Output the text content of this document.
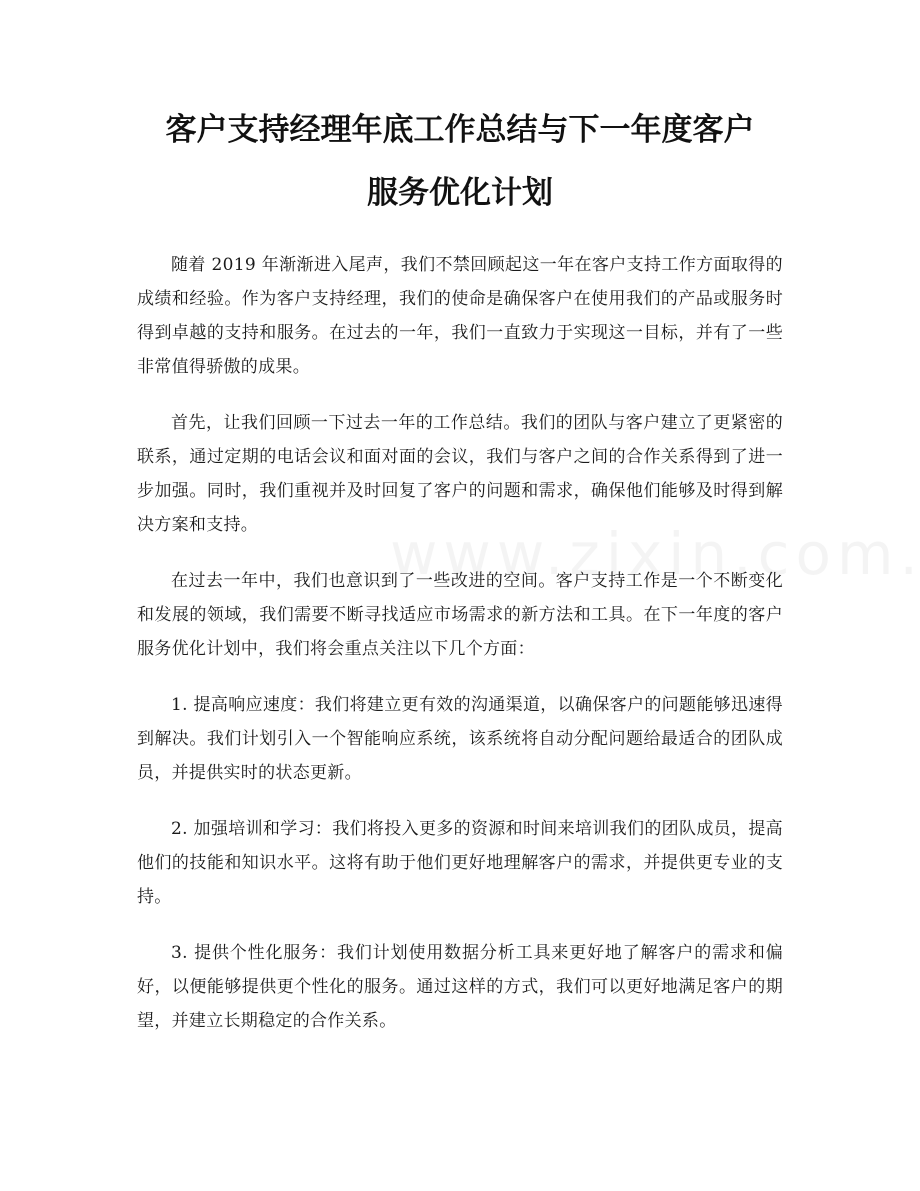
客户支持经理年底工作总结与下一年度客户
服务优化计划

随着 2019 年渐渐进入尾声，我们不禁回顾起这一年在客户支持工作方面取得的成绩和经验。作为客户支持经理，我们的使命是确保客户在使用我们的产品或服务时得到卓越的支持和服务。在过去的一年，我们一直致力于实现这一目标，并有了一些非常值得骄傲的成果。

首先，让我们回顾一下过去一年的工作总结。我们的团队与客户建立了更紧密的联系，通过定期的电话会议和面对面的会议，我们与客户之间的合作关系得到了进一步加强。同时，我们重视并及时回复了客户的问题和需求，确保他们能够及时得到解决方案和支持。

在过去一年中，我们也意识到了一些改进的空间。客户支持工作是一个不断变化和发展的领域，我们需要不断寻找适应市场需求的新方法和工具。在下一年度的客户服务优化计划中，我们将会重点关注以下几个方面：

1. 提高响应速度：我们将建立更有效的沟通渠道，以确保客户的问题能够迅速得到解决。我们计划引入一个智能响应系统，该系统将自动分配问题给最适合的团队成员，并提供实时的状态更新。

2. 加强培训和学习：我们将投入更多的资源和时间来培训我们的团队成员，提高他们的技能和知识水平。这将有助于他们更好地理解客户的需求，并提供更专业的支持。

3. 提供个性化服务：我们计划使用数据分析工具来更好地了解客户的需求和偏好，以便能够提供更个性化的服务。通过这样的方式，我们可以更好地满足客户的期望，并建立长期稳定的合作关系。
